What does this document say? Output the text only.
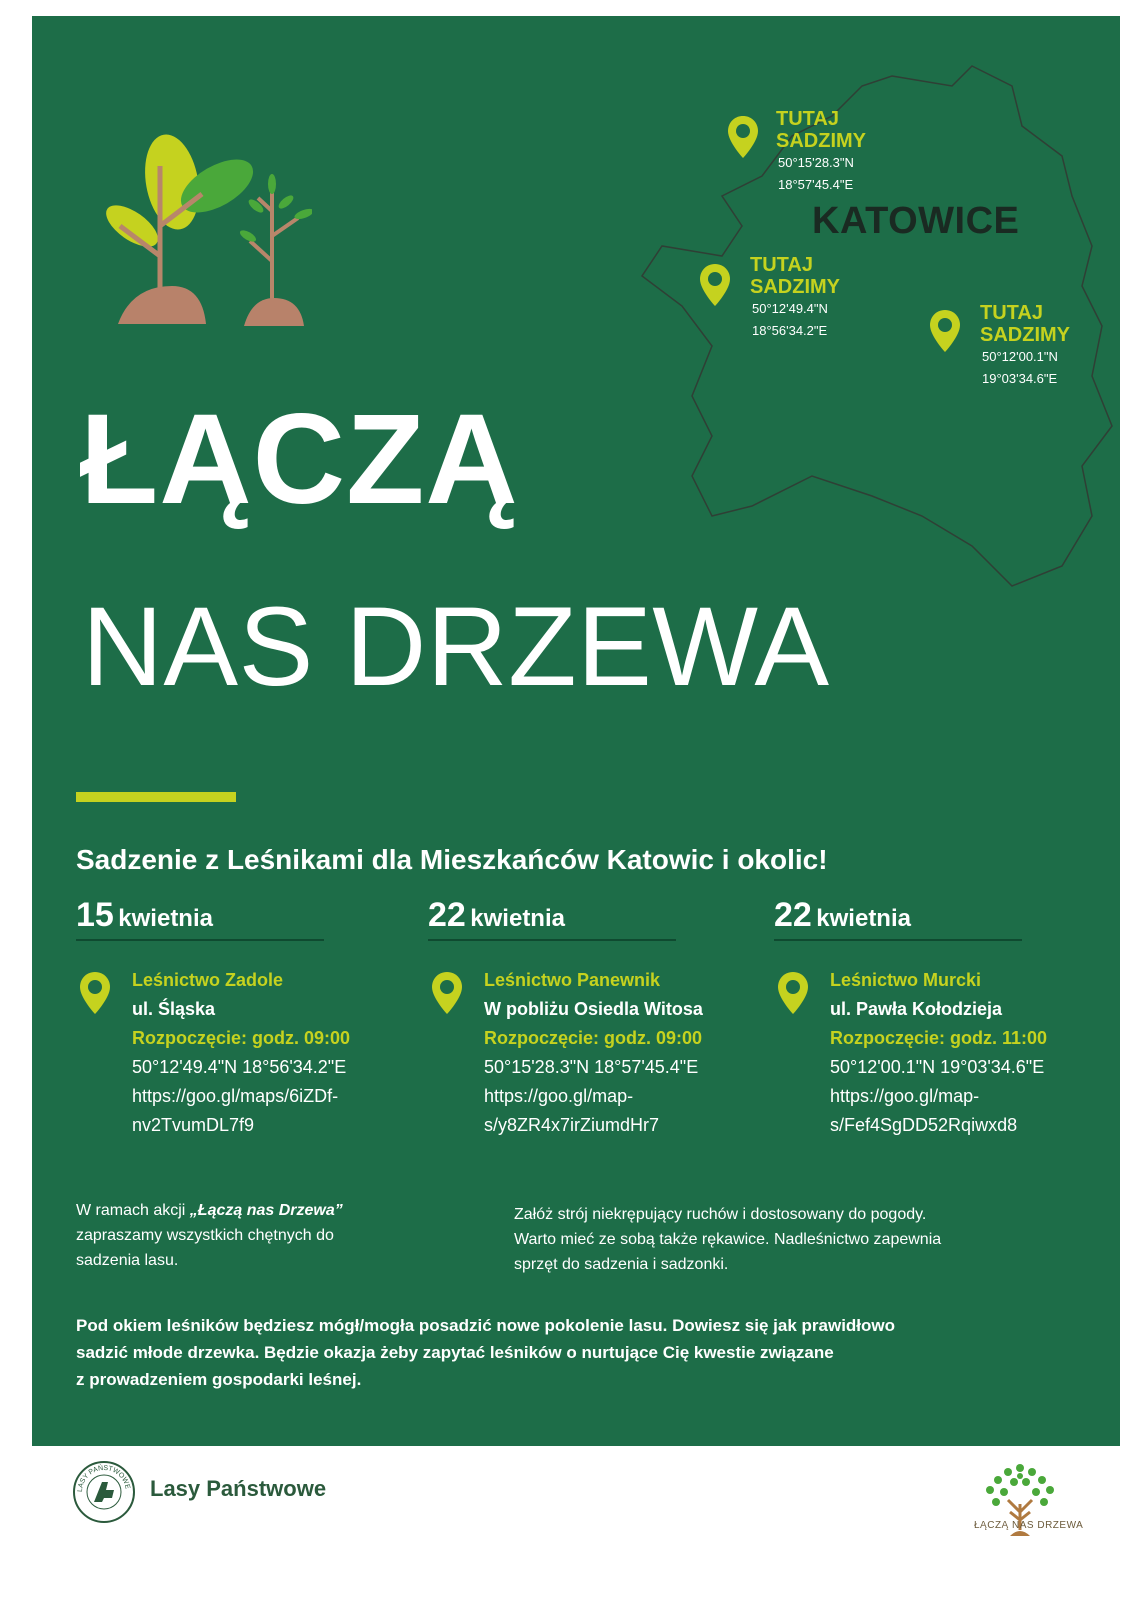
KATOWICE
TUTAJ
SADZIMY
50°15'28.3"N
18°57'45.4"E
TUTAJ
SADZIMY
50°12'49.4"N
18°56'34.2"E
TUTAJ
SADZIMY
50°12'00.1"N
19°03'34.6"E
ŁĄCZĄ
NAS DRZEWA
Sadzenie z Leśnikami dla Mieszkańców Katowic i okolic!
15 kwietnia
Leśnictwo Zadole
ul. Śląska
Rozpoczęcie: godz. 09:00
50°12'49.4"N 18°56'34.2"E
https://goo.gl/maps/6iZDf-
nv2TvumDL7f9
22 kwietnia
Leśnictwo Panewnik
W pobliżu Osiedla Witosa
Rozpoczęcie: godz. 09:00
50°15'28.3"N 18°57'45.4"E
https://goo.gl/map-
s/y8ZR4x7irZiumdHr7
22 kwietnia
Leśnictwo Murcki
ul. Pawła Kołodzieja
Rozpoczęcie: godz. 11:00
50°12'00.1"N 19°03'34.6"E
https://goo.gl/map-
s/Fef4SgDD52Rqiwxd8
W ramach akcji „Łączą nas Drzewa”
zapraszamy wszystkich chętnych do
sadzenia lasu.
Załóż strój niekrępujący ruchów i dostosowany do pogody.
Warto mieć ze sobą także rękawice. Nadleśnictwo zapewnia
sprzęt do sadzenia i sadzonki.
Pod okiem leśników będziesz mógł/mogła posadzić nowe pokolenie lasu. Dowiesz się jak prawidłowo
sadzić młode drzewka. Będzie okazja żeby zapytać leśników o nurtujące Cię kwestie związane
z prowadzeniem gospodarki leśnej.
LASY PAŃSTWOWE Lasy Państwowe
ŁĄCZĄ NAS DRZEWA
